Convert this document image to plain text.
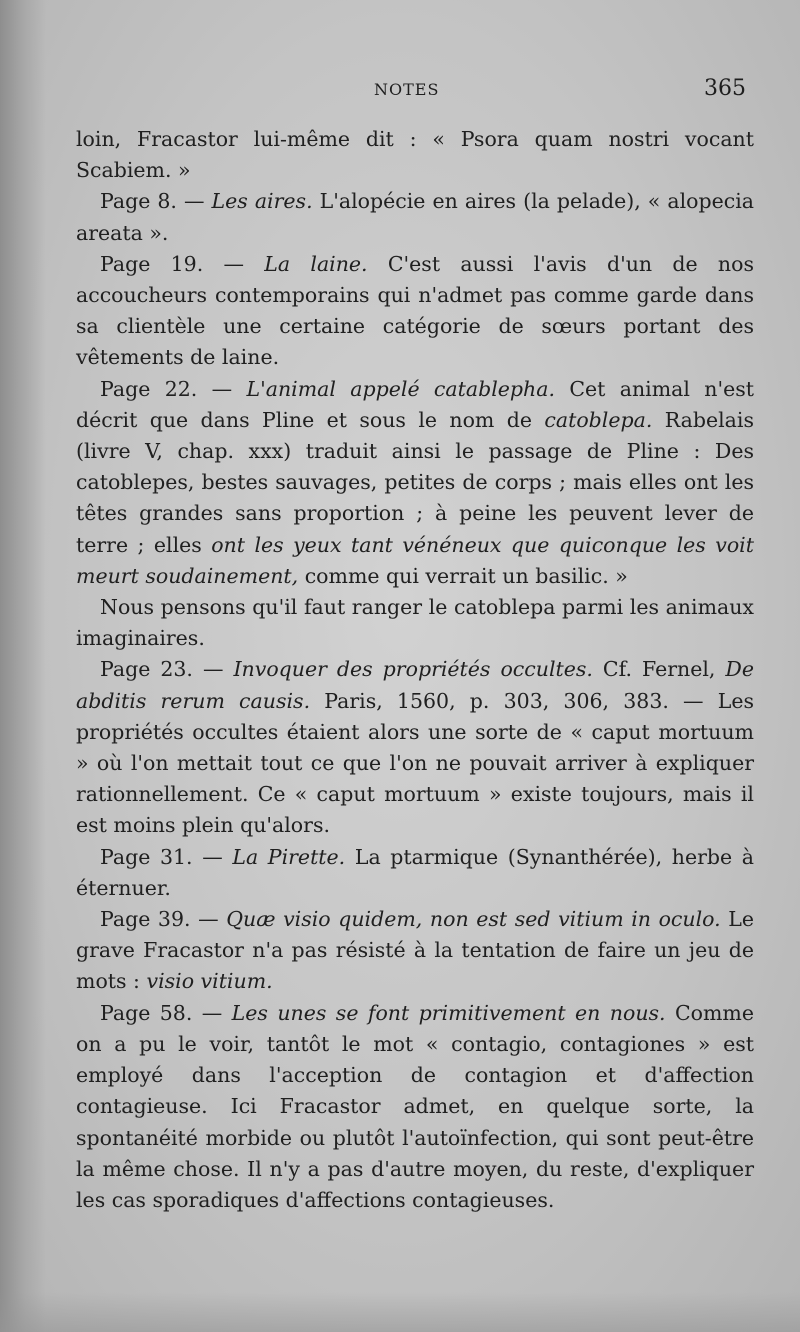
NOTES	365

loin, Fracastor lui-même dit : « Psora quam nostri vocant Scabiem. »

Page 8. — Les aires. L'alopécie en aires (la pelade), « alopecia areata ».

Page 19. — La laine. C'est aussi l'avis d'un de nos accoucheurs contemporains qui n'admet pas comme garde dans sa clientèle une certaine catégorie de sœurs portant des vêtements de laine.

Page 22. — L'animal appelé catablepha. Cet animal n'est décrit que dans Pline et sous le nom de catoblepa. Rabelais (livre V, chap. xxx) traduit ainsi le passage de Pline : Des catoblepes, bestes sauvages, petites de corps ; mais elles ont les têtes grandes sans proportion ; à peine les peuvent lever de terre ; elles ont les yeux tant vénéneux que quiconque les voit meurt soudainement, comme qui verrait un basilic. »

Nous pensons qu'il faut ranger le catoblepa parmi les animaux imaginaires.

Page 23. — Invoquer des propriétés occultes. Cf. Fernel, De abditis rerum causis. Paris, 1560, p. 303, 306, 383. — Les propriétés occultes étaient alors une sorte de « caput mortuum » où l'on mettait tout ce que l'on ne pouvait arriver à expliquer rationnellement. Ce « caput mortuum » existe toujours, mais il est moins plein qu'alors.

Page 31. — La Pirette. La ptarmique (Synanthérée), herbe à éternuer.

Page 39. — Quæ visio quidem, non est sed vitium in oculo. Le grave Fracastor n'a pas résisté à la tentation de faire un jeu de mots : visio vitium.

Page 58. — Les unes se font primitivement en nous. Comme on a pu le voir, tantôt le mot « contagio, contagiones » est employé dans l'acception de contagion et d'affection contagieuse. Ici Fracastor admet, en quelque sorte, la spontanéité morbide ou plutôt l'autoïnfection, qui sont peut-être la même chose. Il n'y a pas d'autre moyen, du reste, d'expliquer les cas sporadiques d'affections contagieuses.
